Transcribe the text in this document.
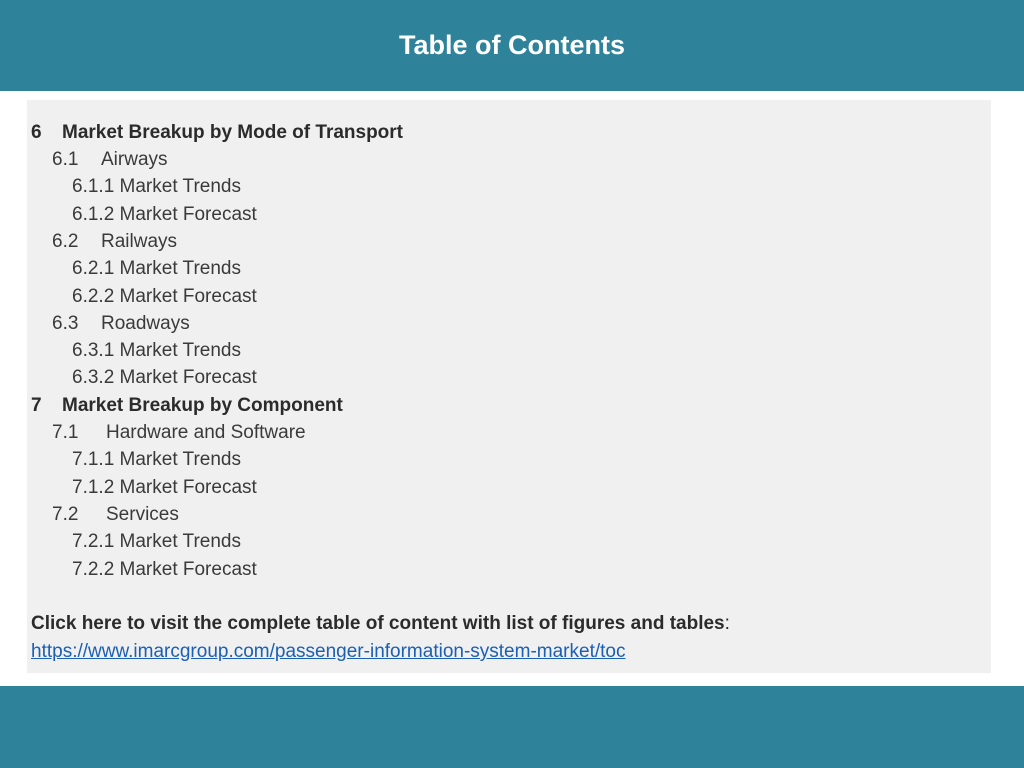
Table of Contents
6 Market Breakup by Mode of Transport
6.1 Airways
6.1.1 Market Trends
6.1.2 Market Forecast
6.2 Railways
6.2.1 Market Trends
6.2.2 Market Forecast
6.3 Roadways
6.3.1 Market Trends
6.3.2 Market Forecast
7 Market Breakup by Component
7.1 Hardware and Software
7.1.1 Market Trends
7.1.2 Market Forecast
7.2 Services
7.2.1 Market Trends
7.2.2 Market Forecast
Click here to visit the complete table of content with list of figures and tables:
https://www.imarcgroup.com/passenger-information-system-market/toc
